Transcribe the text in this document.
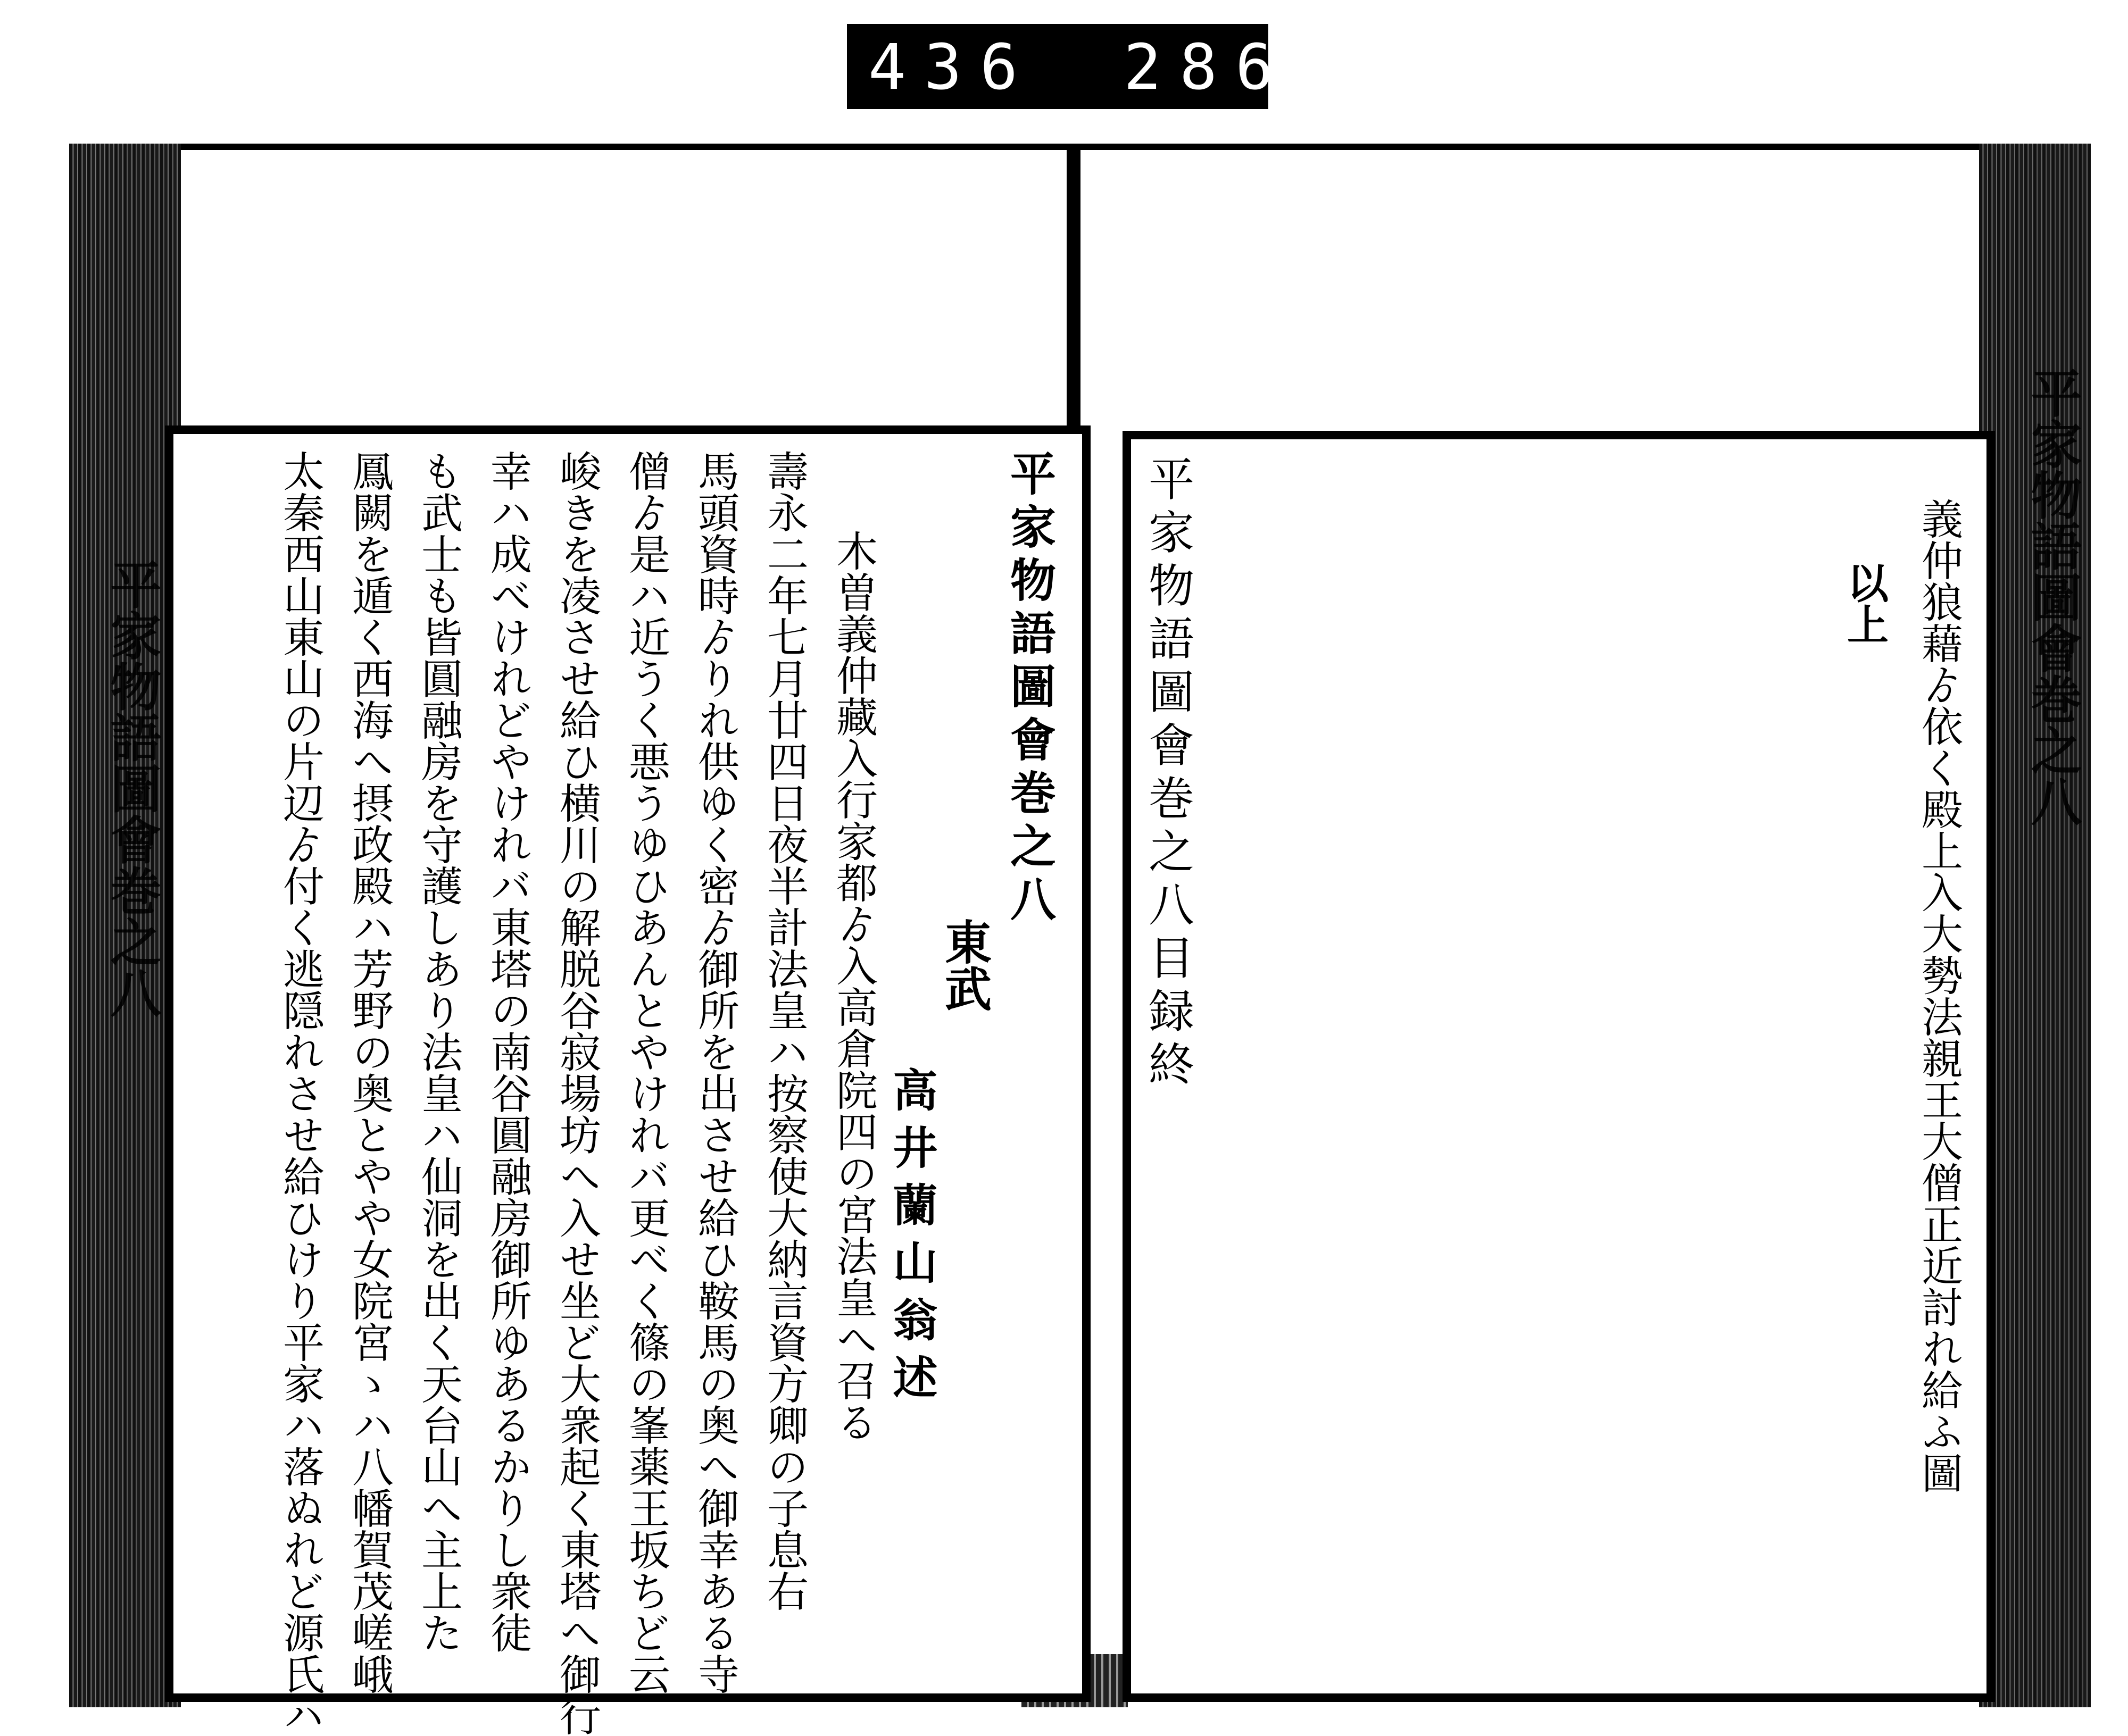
436 286.
平家物語圖會巻之八	平家物語圖會巻之八
平家物語圖會巻之八
東武
高井蘭山翁述
木曽義仲藏入行家都ゟ入高倉院四の宮法皇へ召る
壽永二年七月廿四日夜半計法皇ハ按察使大納言資方卿の子息右
馬頭資時ゟりれ供ゆく密ゟ御所を出させ給ひ鞍馬の奥へ御幸ある寺
僧ゟ是ハ近うく悪うゆひあんとやけれバ更べく篠の峯薬王坂ちど云
峻きを凌させ給ひ横川の解脱谷寂場坊へ入せ坐ど大衆起く東塔へ御行
幸ハ成べけれどやけれバ東塔の南谷圓融房御所ゆあるかりし衆徒
も武士も皆圓融房を守護しあり法皇ハ仙洞を出く天台山へ主上た
鳳闕を遁く西海へ摂政殿ハ芳野の奥とやや女院宮ゝハ八幡賀茂嵯峨
太秦西山東山の片辺ゟ付く逃隠れさせ給ひけり平家ハ落ぬれど源氏ハ	義仲狼藉ゟ依く殿上入大勢法親王大僧正近討れ給ふ圖
以上
平家物語圖會巻之八目録終
